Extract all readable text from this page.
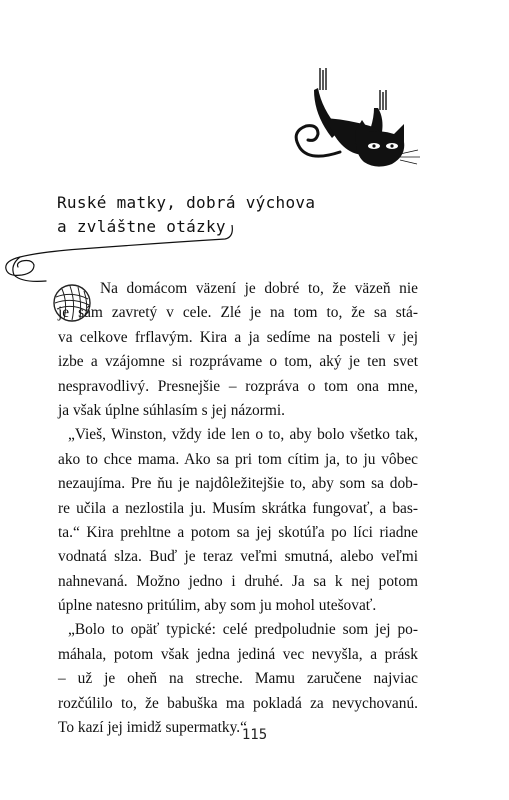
Ruské matky, dobrá výchova
a zvláštne otázky
Na domácom väzení je dobré to, že väzeň nie
je sám zavretý v cele. Zlé je na tom to, že sa stá-
va celkove frflavým. Kira a ja sedíme na posteli v jej
izbe a vzájomne si rozprávame o tom, aký je ten svet
nespravodlivý. Presnejšie – rozpráva o tom ona mne,
ja však úplne súhlasím s jej názormi.
„Vieš, Winston, vždy ide len o to, aby bolo všetko tak,
ako to chce mama. Ako sa pri tom cítim ja, to ju vôbec
nezaujíma. Pre ňu je najdôležitejšie to, aby som sa dob-
re učila a nezlostila ju. Musím skrátka fungovať, a bas-
ta.“ Kira prehltne a potom sa jej skotúľa po líci riadne
vodnatá slza. Buď je teraz veľmi smutná, alebo veľmi
nahnevaná. Možno jedno i druhé. Ja sa k nej potom
úplne natesno pritúlim, aby som ju mohol utešovať.
„Bolo to opäť typické: celé predpoludnie som jej po-
máhala, potom však jedna jediná vec nevyšla, a prásk
– už je oheň na streche. Mamu zaručene najviac
rozčúlilo to, že babuška ma pokladá za nevychovanú.
To kazí jej imidž supermatky.“
115
